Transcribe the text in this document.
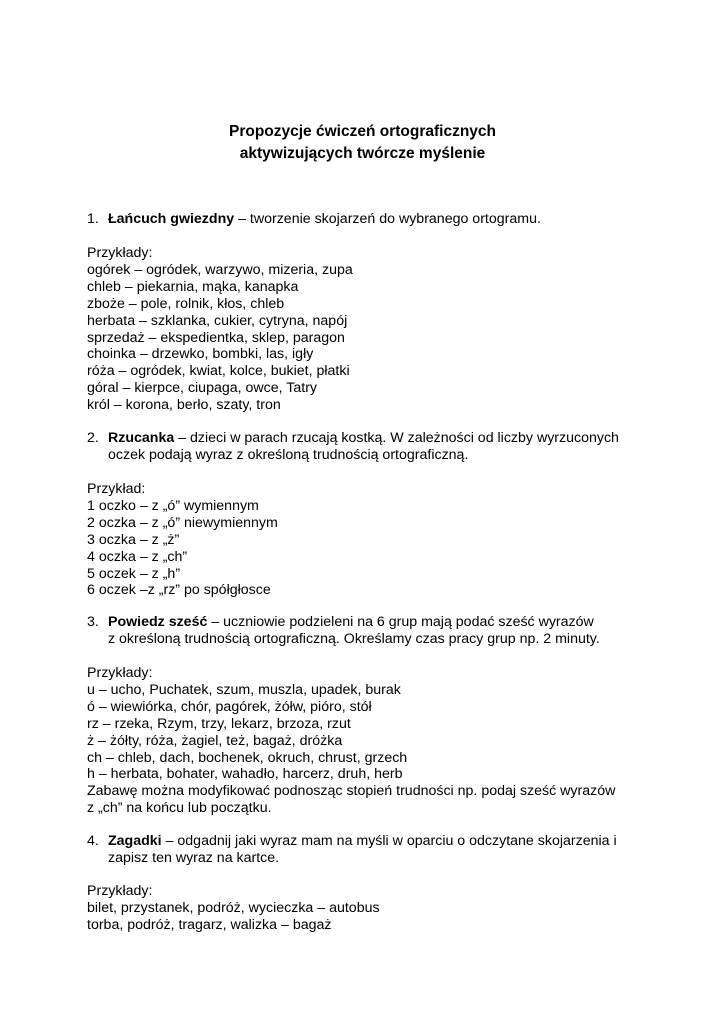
Propozycje ćwiczeń ortograficznych
aktywizujących twórcze myślenie
1. Łańcuch gwiezdny – tworzenie skojarzeń do wybranego ortogramu.
Przykłady:
ogórek – ogródek, warzywo, mizeria, zupa
chleb – piekarnia, mąka, kanapka
zboże – pole, rolnik, kłos, chleb
herbata – szklanka, cukier, cytryna, napój
sprzedaż – ekspedientka, sklep, paragon
choinka – drzewko, bombki, las, igły
róża – ogródek, kwiat, kolce, bukiet, płatki
góral – kierpce, ciupaga, owce, Tatry
król – korona, berło, szaty, tron
2. Rzucanka – dzieci w parach rzucają kostką. W zależności od liczby wyrzuconych
oczek podają wyraz z określoną trudnością ortograficzną.
Przykład:
1 oczko – z „ó” wymiennym
2 oczka – z „ó” niewymiennym
3 oczka – z „ż”
4 oczka – z „ch”
5 oczek – z „h”
6 oczek –z „rz” po spółgłosce
3. Powiedz sześć – uczniowie podzieleni na 6 grup mają podać sześć wyrazów
z określoną trudnością ortograficzną. Określamy czas pracy grup np. 2 minuty.
Przykłady:
u – ucho, Puchatek, szum, muszla, upadek, burak
ó – wiewiórka, chór, pagórek, żółw, pióro, stół
rz – rzeka, Rzym, trzy, lekarz, brzoza, rzut
ż – żółty, róża, żagiel, też, bagaż, dróżka
ch – chleb, dach, bochenek, okruch, chrust, grzech
h – herbata, bohater, wahadło, harcerz, druh, herb
Zabawę można modyfikować podnosząc stopień trudności np. podaj sześć wyrazów
z „ch” na końcu lub początku.
4. Zagadki – odgadnij jaki wyraz mam na myśli w oparciu o odczytane skojarzenia i
zapisz ten wyraz na kartce.
Przykłady:
bilet, przystanek, podróż, wycieczka – autobus
torba, podróż, tragarz, walizka – bagaż
